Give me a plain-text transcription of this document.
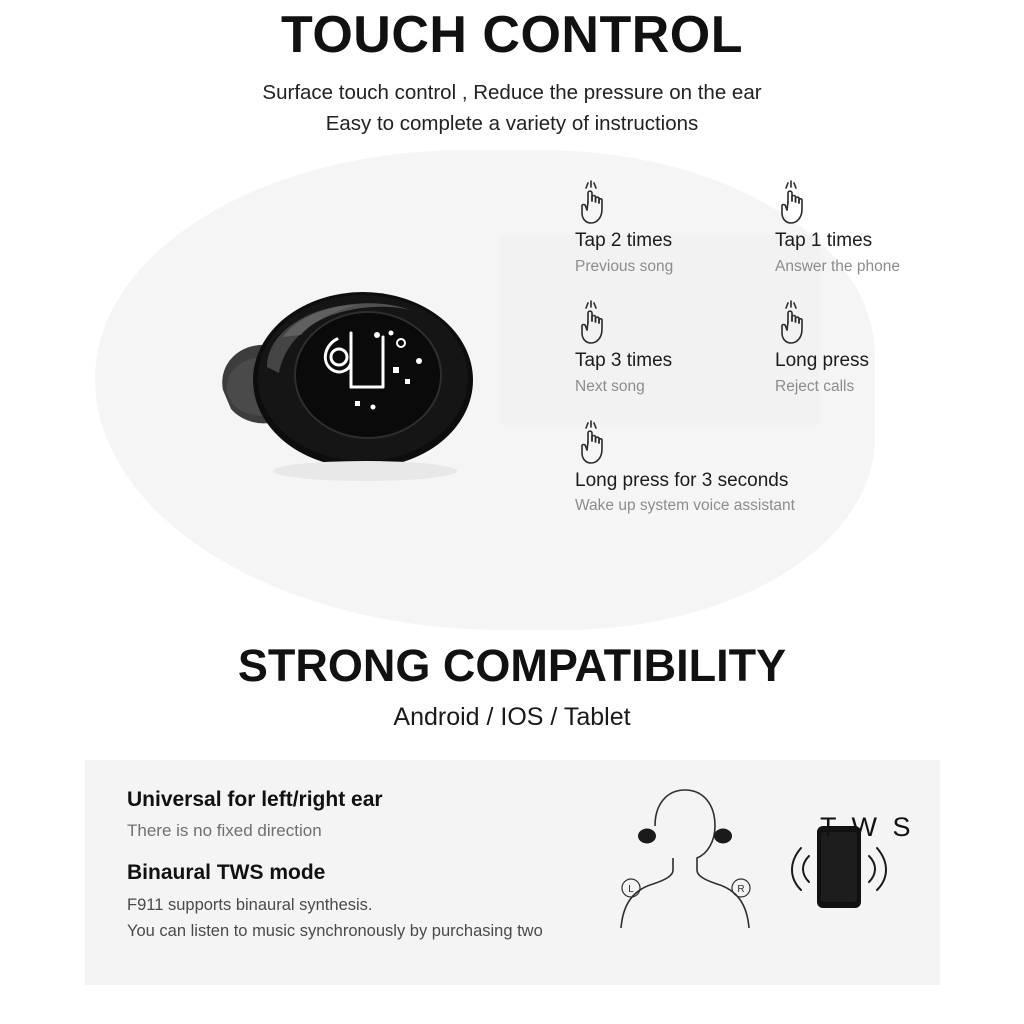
TOUCH CONTROL
Surface touch control , Reduce the pressure on the ear
Easy to complete a variety of instructions
Tap 2 times
Previous song
Tap 1 times
Answer the phone
Tap 3 times
Next song
Long press
Reject calls
Long press for 3 seconds
Wake up system voice assistant
STRONG COMPATIBILITY
Android / IOS / Tablet
Universal for left/right ear
There is no fixed direction
Binaural TWS mode
F911 supports binaural synthesis.
You can listen to music synchronously by purchasing two
L	R
T W S
